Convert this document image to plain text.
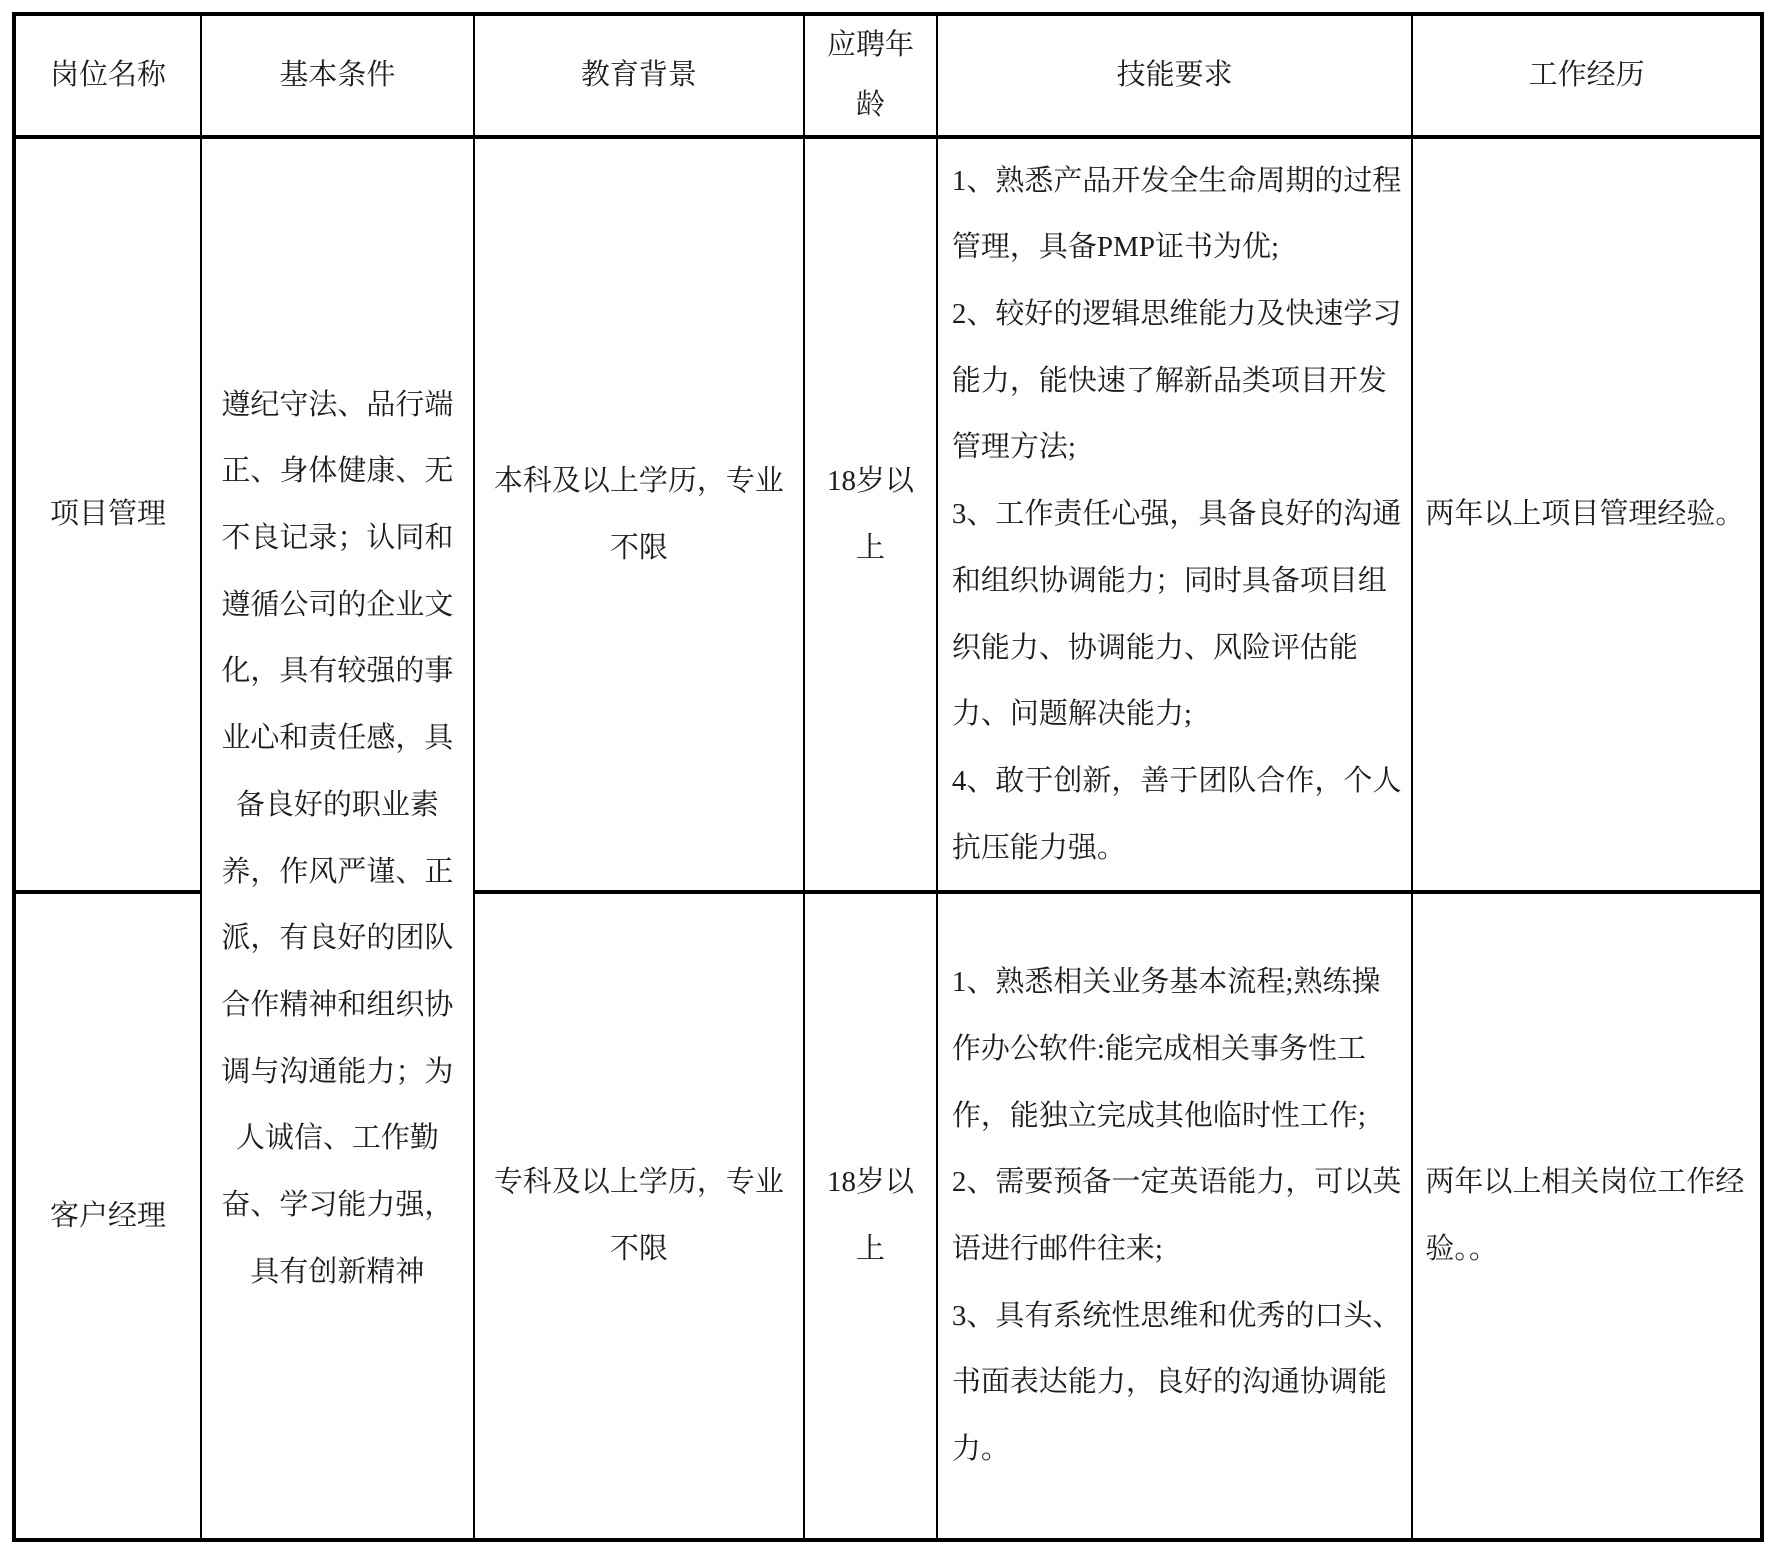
岗位名称	基本条件	教育背景	应聘年龄	技能要求	工作经历
项目管理	遵纪守法、品行端正、身体健康、无不良记录；认同和遵循公司的企业文化，具有较强的事业心和责任感，具备良好的职业素养，作风严谨、正派，有良好的团队合作精神和组织协调与沟通能力；为人诚信、工作勤奋、学习能力强，具有创新精神	本科及以上学历，专业不限	18岁以上	1、熟悉产品开发全生命周期的过程管理，具备PMP证书为优;

2、较好的逻辑思维能力及快速学习能力，能快速了解新品类项目开发管理方法;

3、工作责任心强，具备良好的沟通和组织协调能力；同时具备项目组织能力、协调能力、风险评估能力、问题解决能力;

4、敢于创新，善于团队合作，个人抗压能力强。	两年以上项目管理经验。
客户经理		专科及以上学历，专业不限	18岁以上	1、熟悉相关业务基本流程;熟练操作办公软件:能完成相关事务性工作，能独立完成其他临时性工作;

2、需要预备一定英语能力，可以英语进行邮件往来;

3、具有系统性思维和优秀的口头、书面表达能力，良好的沟通协调能力。	两年以上相关岗位工作经验。。
